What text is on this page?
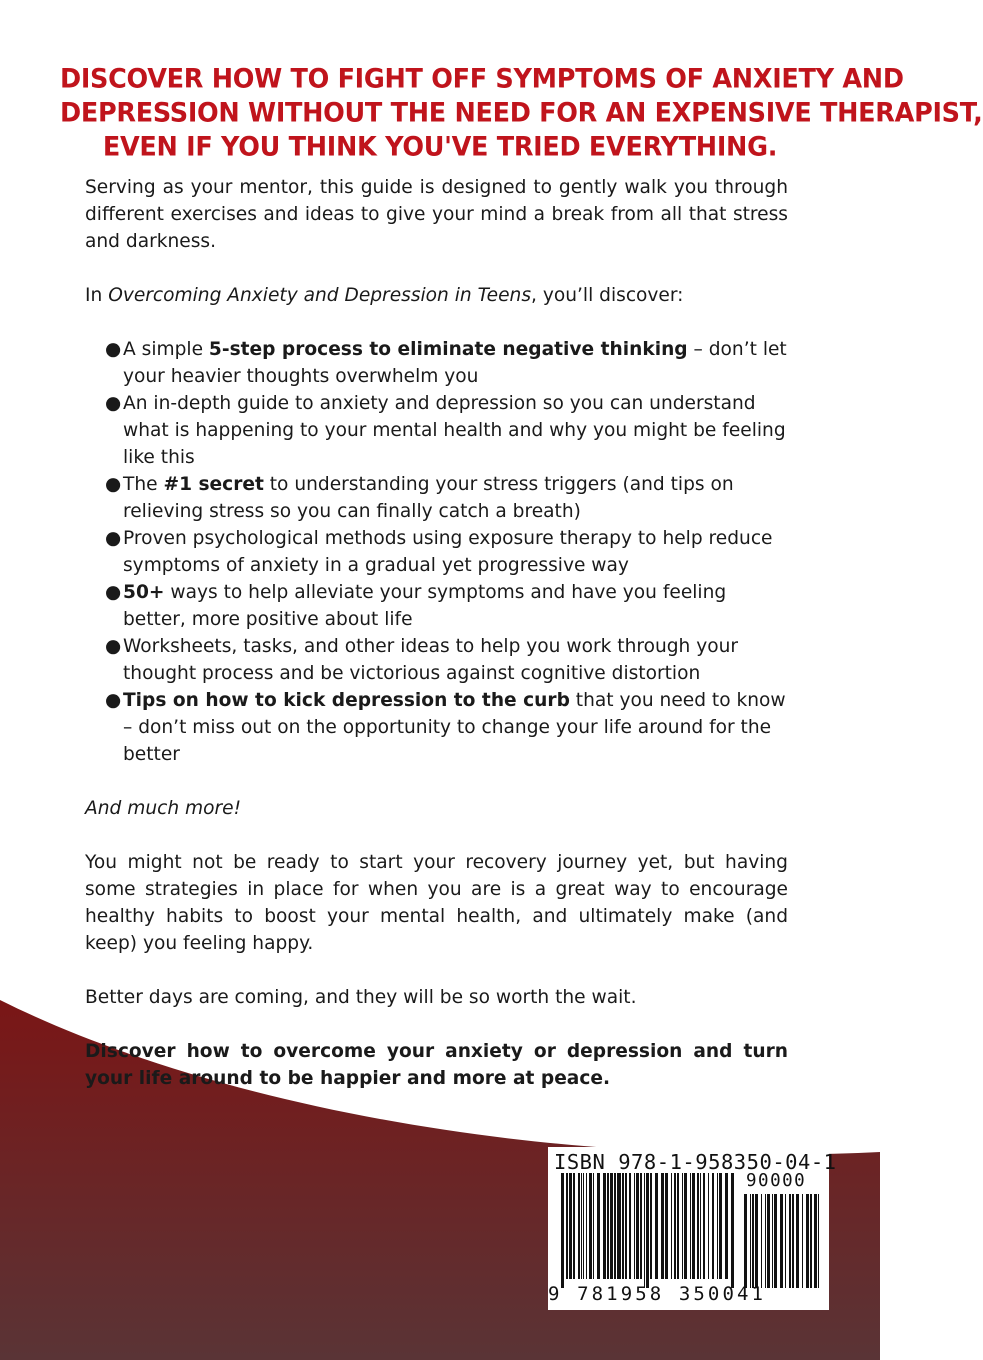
DISCOVER HOW TO FIGHT OFF SYMPTOMS OF ANXIETY AND
DEPRESSION WITHOUT THE NEED FOR AN EXPENSIVE THERAPIST,
EVEN IF YOU THINK YOU'VE TRIED EVERYTHING.

Serving as your mentor, this guide is designed to gently walk you through different exercises and ideas to give your mind a break from all that stress and darkness.

In Overcoming Anxiety and Depression in Teens, you’ll discover:

● A simple 5-step process to eliminate negative thinking – don’t let your heavier thoughts overwhelm you
● An in-depth guide to anxiety and depression so you can understand what is happening to your mental health and why you might be feeling like this
● The #1 secret to understanding your stress triggers (and tips on relieving stress so you can finally catch a breath)
● Proven psychological methods using exposure therapy to help reduce symptoms of anxiety in a gradual yet progressive way
● 50+ ways to help alleviate your symptoms and have you feeling better, more positive about life
● Worksheets, tasks, and other ideas to help you work through your thought process and be victorious against cognitive distortion
● Tips on how to kick depression to the curb that you need to know – don’t miss out on the opportunity to change your life around for the better

And much more!

You might not be ready to start your recovery journey yet, but having some strategies in place for when you are is a great way to encourage healthy habits to boost your mental health, and ultimately make (and keep) you feeling happy.

Better days are coming, and they will be so worth the wait.

Discover how to overcome your anxiety or depression and turn your life around to be happier and more at peace.

ISBN 978-1-958350-04-1
90000
9 781958 350041
